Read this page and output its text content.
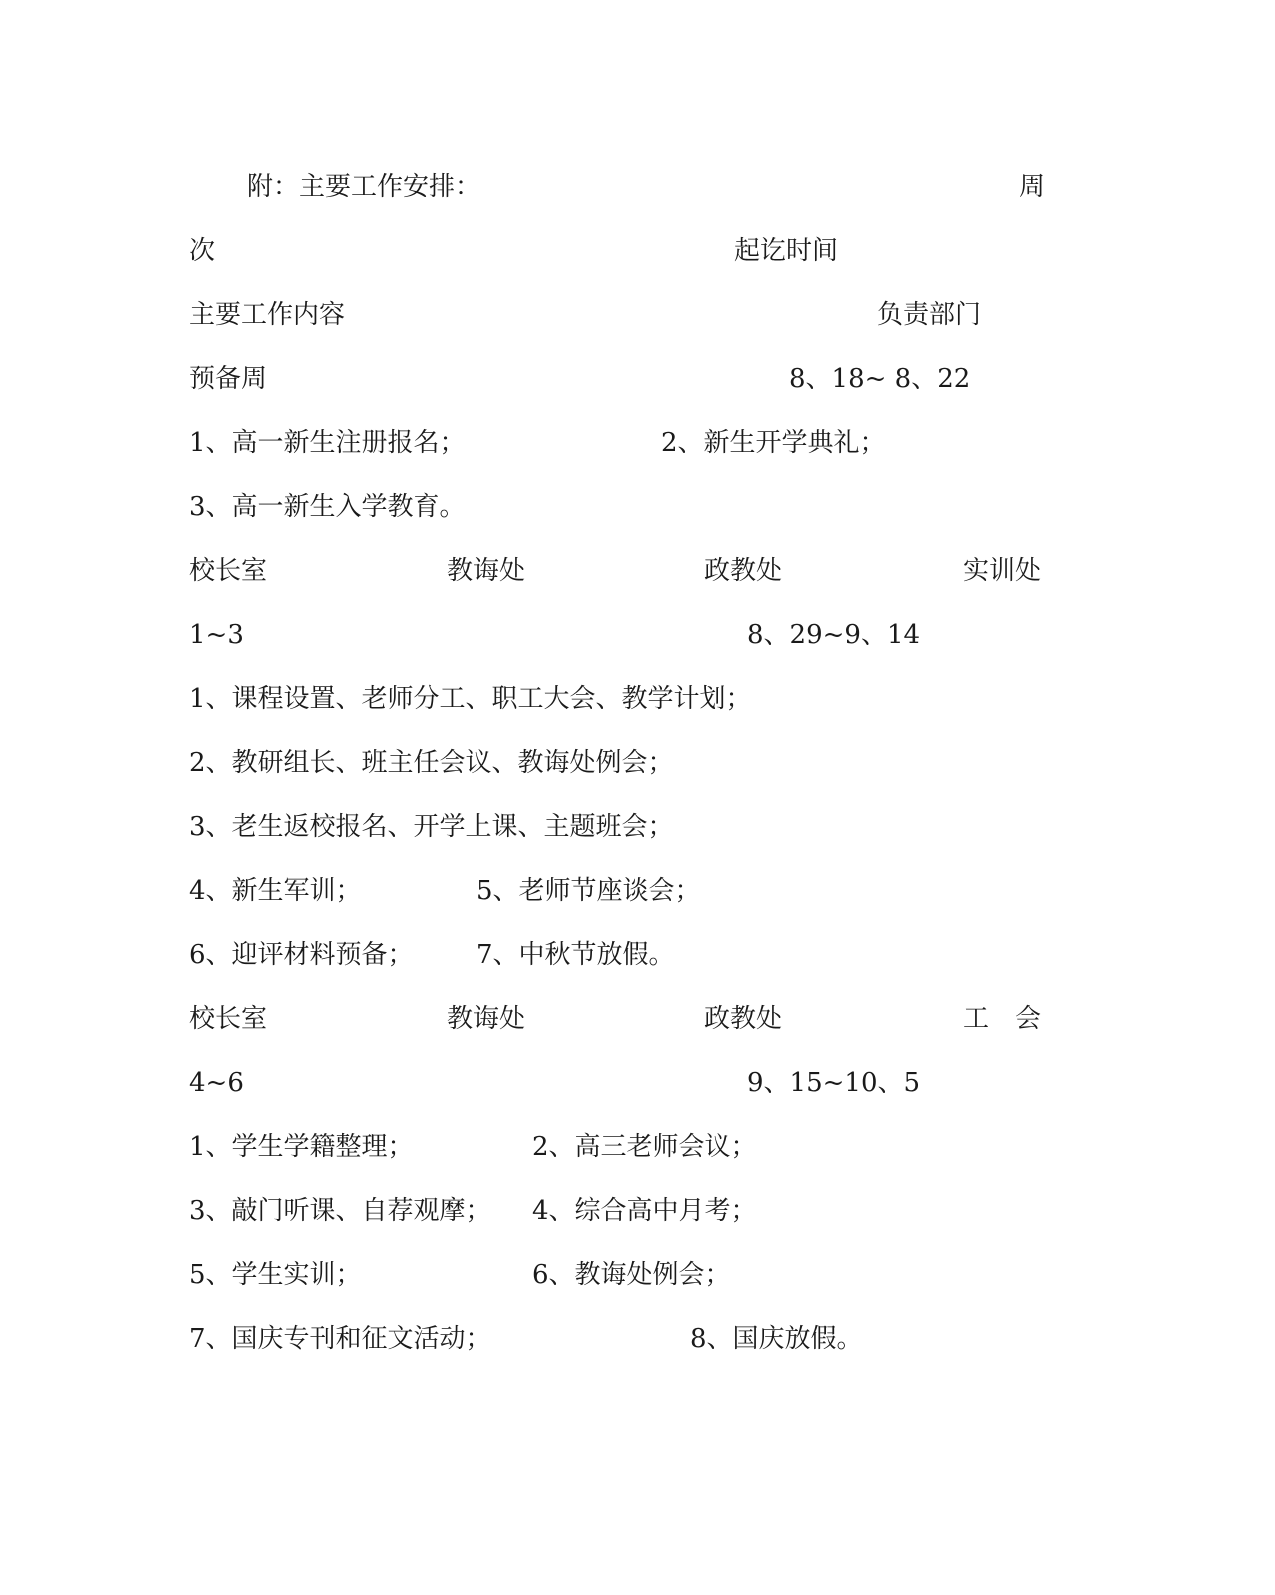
附：主要工作安排：	周
次	起讫时间
主要工作内容	负责部门
预备周	8、18~ 8、22
1、高一新生注册报名；	2、新生开学典礼；
3、高一新生入学教育。
校长室	教诲处	政教处	实训处
1~3	8、29~9、14
1、课程设置、老师分工、职工大会、教学计划；
2、教研组长、班主任会议、教诲处例会；
3、老生返校报名、开学上课、主题班会；
4、新生军训；	5、老师节座谈会；
6、迎评材料预备； 7、中秋节放假。
校长室	教诲处	政教处	工　会
4~6	9、15~10、5
1、学生学籍整理；	2、高三老师会议；
3、敲门听课、自荐观摩； 4、综合高中月考；
5、学生实训；	6、教诲处例会；
7、国庆专刊和征文活动；	8、国庆放假。
